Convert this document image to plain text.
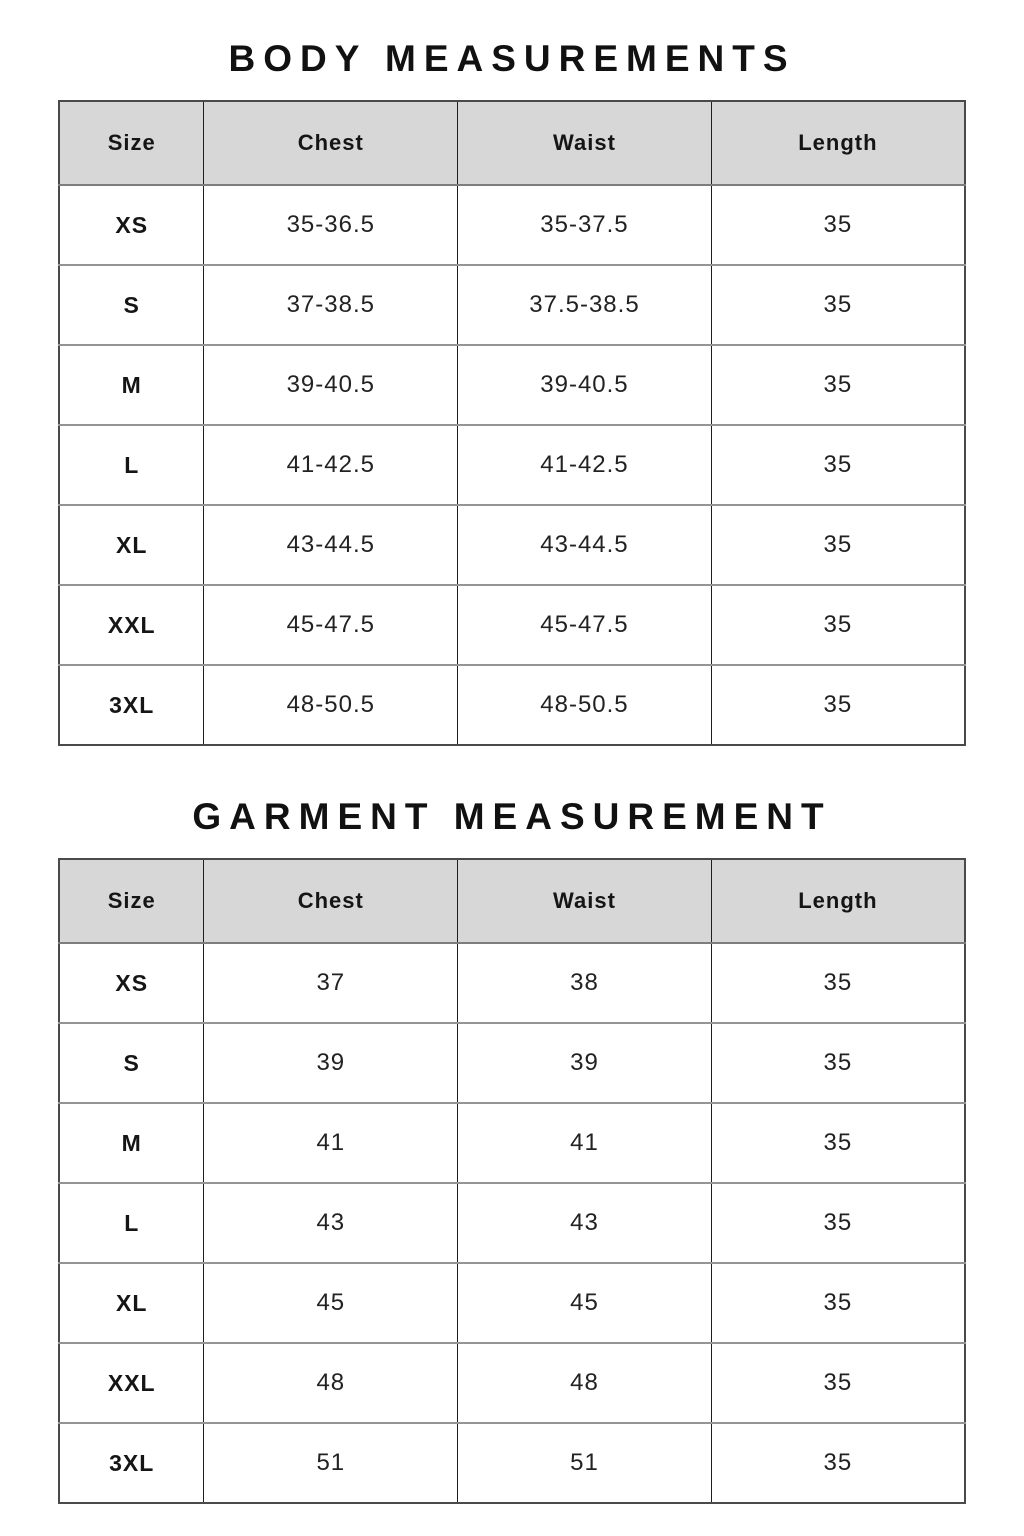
BODY MEASUREMENTS
Size	Chest	Waist	Length
XS	35-36.5	35-37.5	35
S	37-38.5	37.5-38.5	35
M	39-40.5	39-40.5	35
L	41-42.5	41-42.5	35
XL	43-44.5	43-44.5	35
XXL	45-47.5	45-47.5	35
3XL	48-50.5	48-50.5	35
GARMENT MEASUREMENT
Size	Chest	Waist	Length
XS	37	38	35
S	39	39	35
M	41	41	35
L	43	43	35
XL	45	45	35
XXL	48	48	35
3XL	51	51	35
